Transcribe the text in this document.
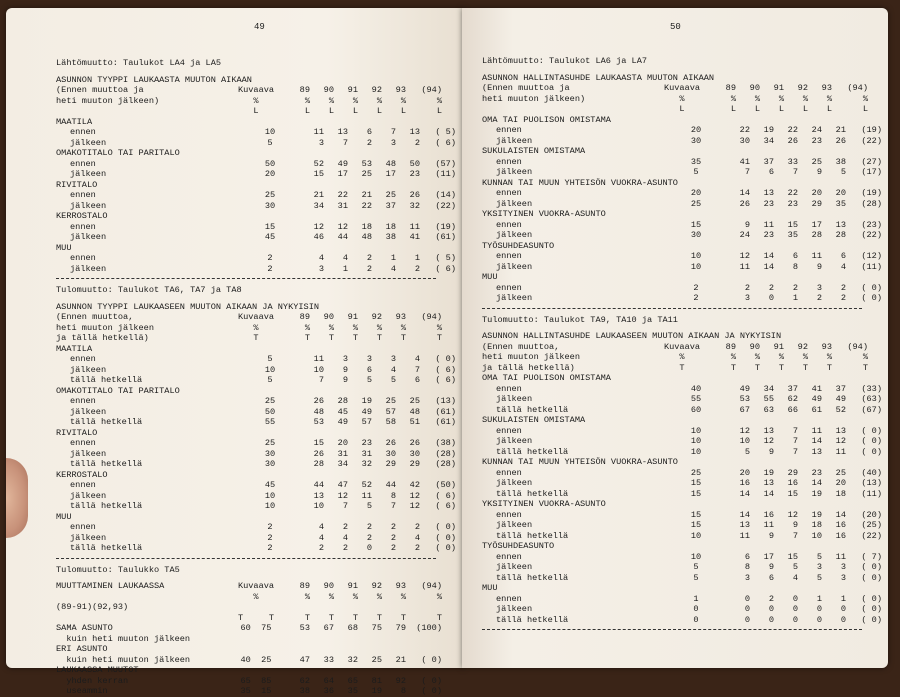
49
Lähtömuutto: Taulukot LA4 ja LA5
ASUNNON TYYPPI LAUKAASTA MUUTON AIKAAN
(Ennen muuttoa ja	Kuvaava	89	90	91	92	93	(94)
heti muuton jälkeen)	%	%	%	%	%	%	%
L	L	L	L	L	L	L
MAATILA
ennen	10	11	13	6	7	13	( 5)
jälkeen	5	3	7	2	3	2	( 6)
OMAKOTITALO TAI PARITALO
ennen	50	52	49	53	48	50	(57)
jälkeen	20	15	17	25	17	23	(11)
RIVITALO
ennen	25	21	22	21	25	26	(14)
jälkeen	30	34	31	22	37	32	(22)
KERROSTALO
ennen	15	12	12	18	18	11	(19)
jälkeen	45	46	44	48	38	41	(61)
MUU
ennen	2	4	4	2	1	1	( 5)
jälkeen	2	3	1	2	4	2	( 6)
Tulomuutto: Taulukot TA6, TA7 ja TA8
ASUNNON TYYPPI LAUKAASEEN MUUTON AIKAAN JA NYKYISIN
(Ennen muuttoa,	Kuvaava	89	90	91	92	93	(94)
heti muuton jälkeen	%	%	%	%	%	%	%
ja tällä hetkellä)	T	T	T	T	T	T	T
MAATILA
ennen	5	11	3	3	3	4	( 0)
jälkeen	10	10	9	6	4	7	( 6)
tällä hetkellä	5	7	9	5	5	6	( 6)
OMAKOTITALO TAI PARITALO
ennen	25	26	28	19	25	25	(13)
jälkeen	50	48	45	49	57	48	(61)
tällä hetkellä	55	53	49	57	58	51	(61)
RIVITALO
ennen	25	15	20	23	26	26	(38)
jälkeen	30	26	31	31	30	30	(28)
tällä hetkellä	30	28	34	32	29	29	(28)
KERROSTALO
ennen	45	44	47	52	44	42	(50)
jälkeen	10	13	12	11	8	12	( 6)
tällä hetkellä	10	10	7	5	7	12	( 6)
MUU
ennen	2	4	2	2	2	2	( 0)
jälkeen	2	4	4	2	2	4	( 0)
tällä hetkellä	2	2	2	0	2	2	( 0)
Tulomuutto: Taulukko TA5
MUUTTAMINEN LAUKAASSA	Kuvaava	89	90	91	92	93	(94)
%	%	%	%	%	%	%
(89-91)(92,93)
T     T	T	T	T	T	T	T
SAMA ASUNTO	60  75	53	67	68	75	79	(100)
kuin heti muuton jälkeen
ERI ASUNTO
kuin heti muuton jälkeen	40  25	47	33	32	25	21	( 0)
LAUKAASSA MUUTOT
yhden kerran	65  85	62	64	65	81	92	( 0)
useammin	35  15	38	36	35	19	8	( 0)
50
Lähtömuutto: Taulukot LA6 ja LA7
ASUNNON HALLINTASUHDE LAUKAASTA MUUTON AIKAAN
(Ennen muuttoa ja	Kuvaava	89	90	91	92	93	(94)
heti muuton jälkeen)	%	%	%	%	%	%	%
L	L	L	L	L	L	L
OMA TAI PUOLISON OMISTAMA
ennen	20	22	19	22	24	21	(19)
jälkeen	30	30	34	26	23	26	(22)
SUKULAISTEN OMISTAMA
ennen	35	41	37	33	25	38	(27)
jälkeen	5	7	6	7	9	5	(17)
KUNNAN TAI MUUN YHTEISÖN VUOKRA-ASUNTO
ennen	20	14	13	22	20	20	(19)
jälkeen	25	26	23	23	29	35	(28)
YKSITYINEN VUOKRA-ASUNTO
ennen	15	9	11	15	17	13	(23)
jälkeen	30	24	23	35	28	28	(22)
TYÖSUHDEASUNTO
ennen	10	12	14	6	11	6	(12)
jälkeen	10	11	14	8	9	4	(11)
MUU
ennen	2	2	2	2	3	2	( 0)
jälkeen	2	3	0	1	2	2	( 0)
Tulomuutto: Taulukot TA9, TA10 ja TA11
ASUNNON HALLINTASUHDE LAUKAASEEN MUUTON AIKAAN JA NYKYISIN
(Ennen muuttoa,	Kuvaava	89	90	91	92	93	(94)
heti muuton jälkeen	%	%	%	%	%	%	%
ja tällä hetkellä)	T	T	T	T	T	T	T
OMA TAI PUOLISON OMISTAMA
ennen	40	49	34	37	41	37	(33)
jälkeen	55	53	55	62	49	49	(63)
tällä hetkellä	60	67	63	66	61	52	(67)
SUKULAISTEN OMISTAMA
ennen	10	12	13	7	11	13	( 0)
jälkeen	10	10	12	7	14	12	( 0)
tällä hetkellä	10	5	9	7	13	11	( 0)
KUNNAN TAI MUUN YHTEISÖN VUOKRA-ASUNTO
ennen	25	20	19	29	23	25	(40)
jälkeen	15	16	13	16	14	20	(13)
tällä hetkellä	15	14	14	15	19	18	(11)
YKSITYINEN VUOKRA-ASUNTO
ennen	15	14	16	12	19	14	(20)
jälkeen	15	13	11	9	18	16	(25)
tällä hetkellä	10	11	9	7	10	16	(22)
TYÖSUHDEASUNTO
ennen	10	6	17	15	5	11	( 7)
jälkeen	5	8	9	5	3	3	( 0)
tällä hetkellä	5	3	6	4	5	3	( 0)
MUU
ennen	1	0	2	0	1	1	( 0)
jälkeen	0	0	0	0	0	0	( 0)
tällä hetkellä	0	0	0	0	0	0	( 0)
